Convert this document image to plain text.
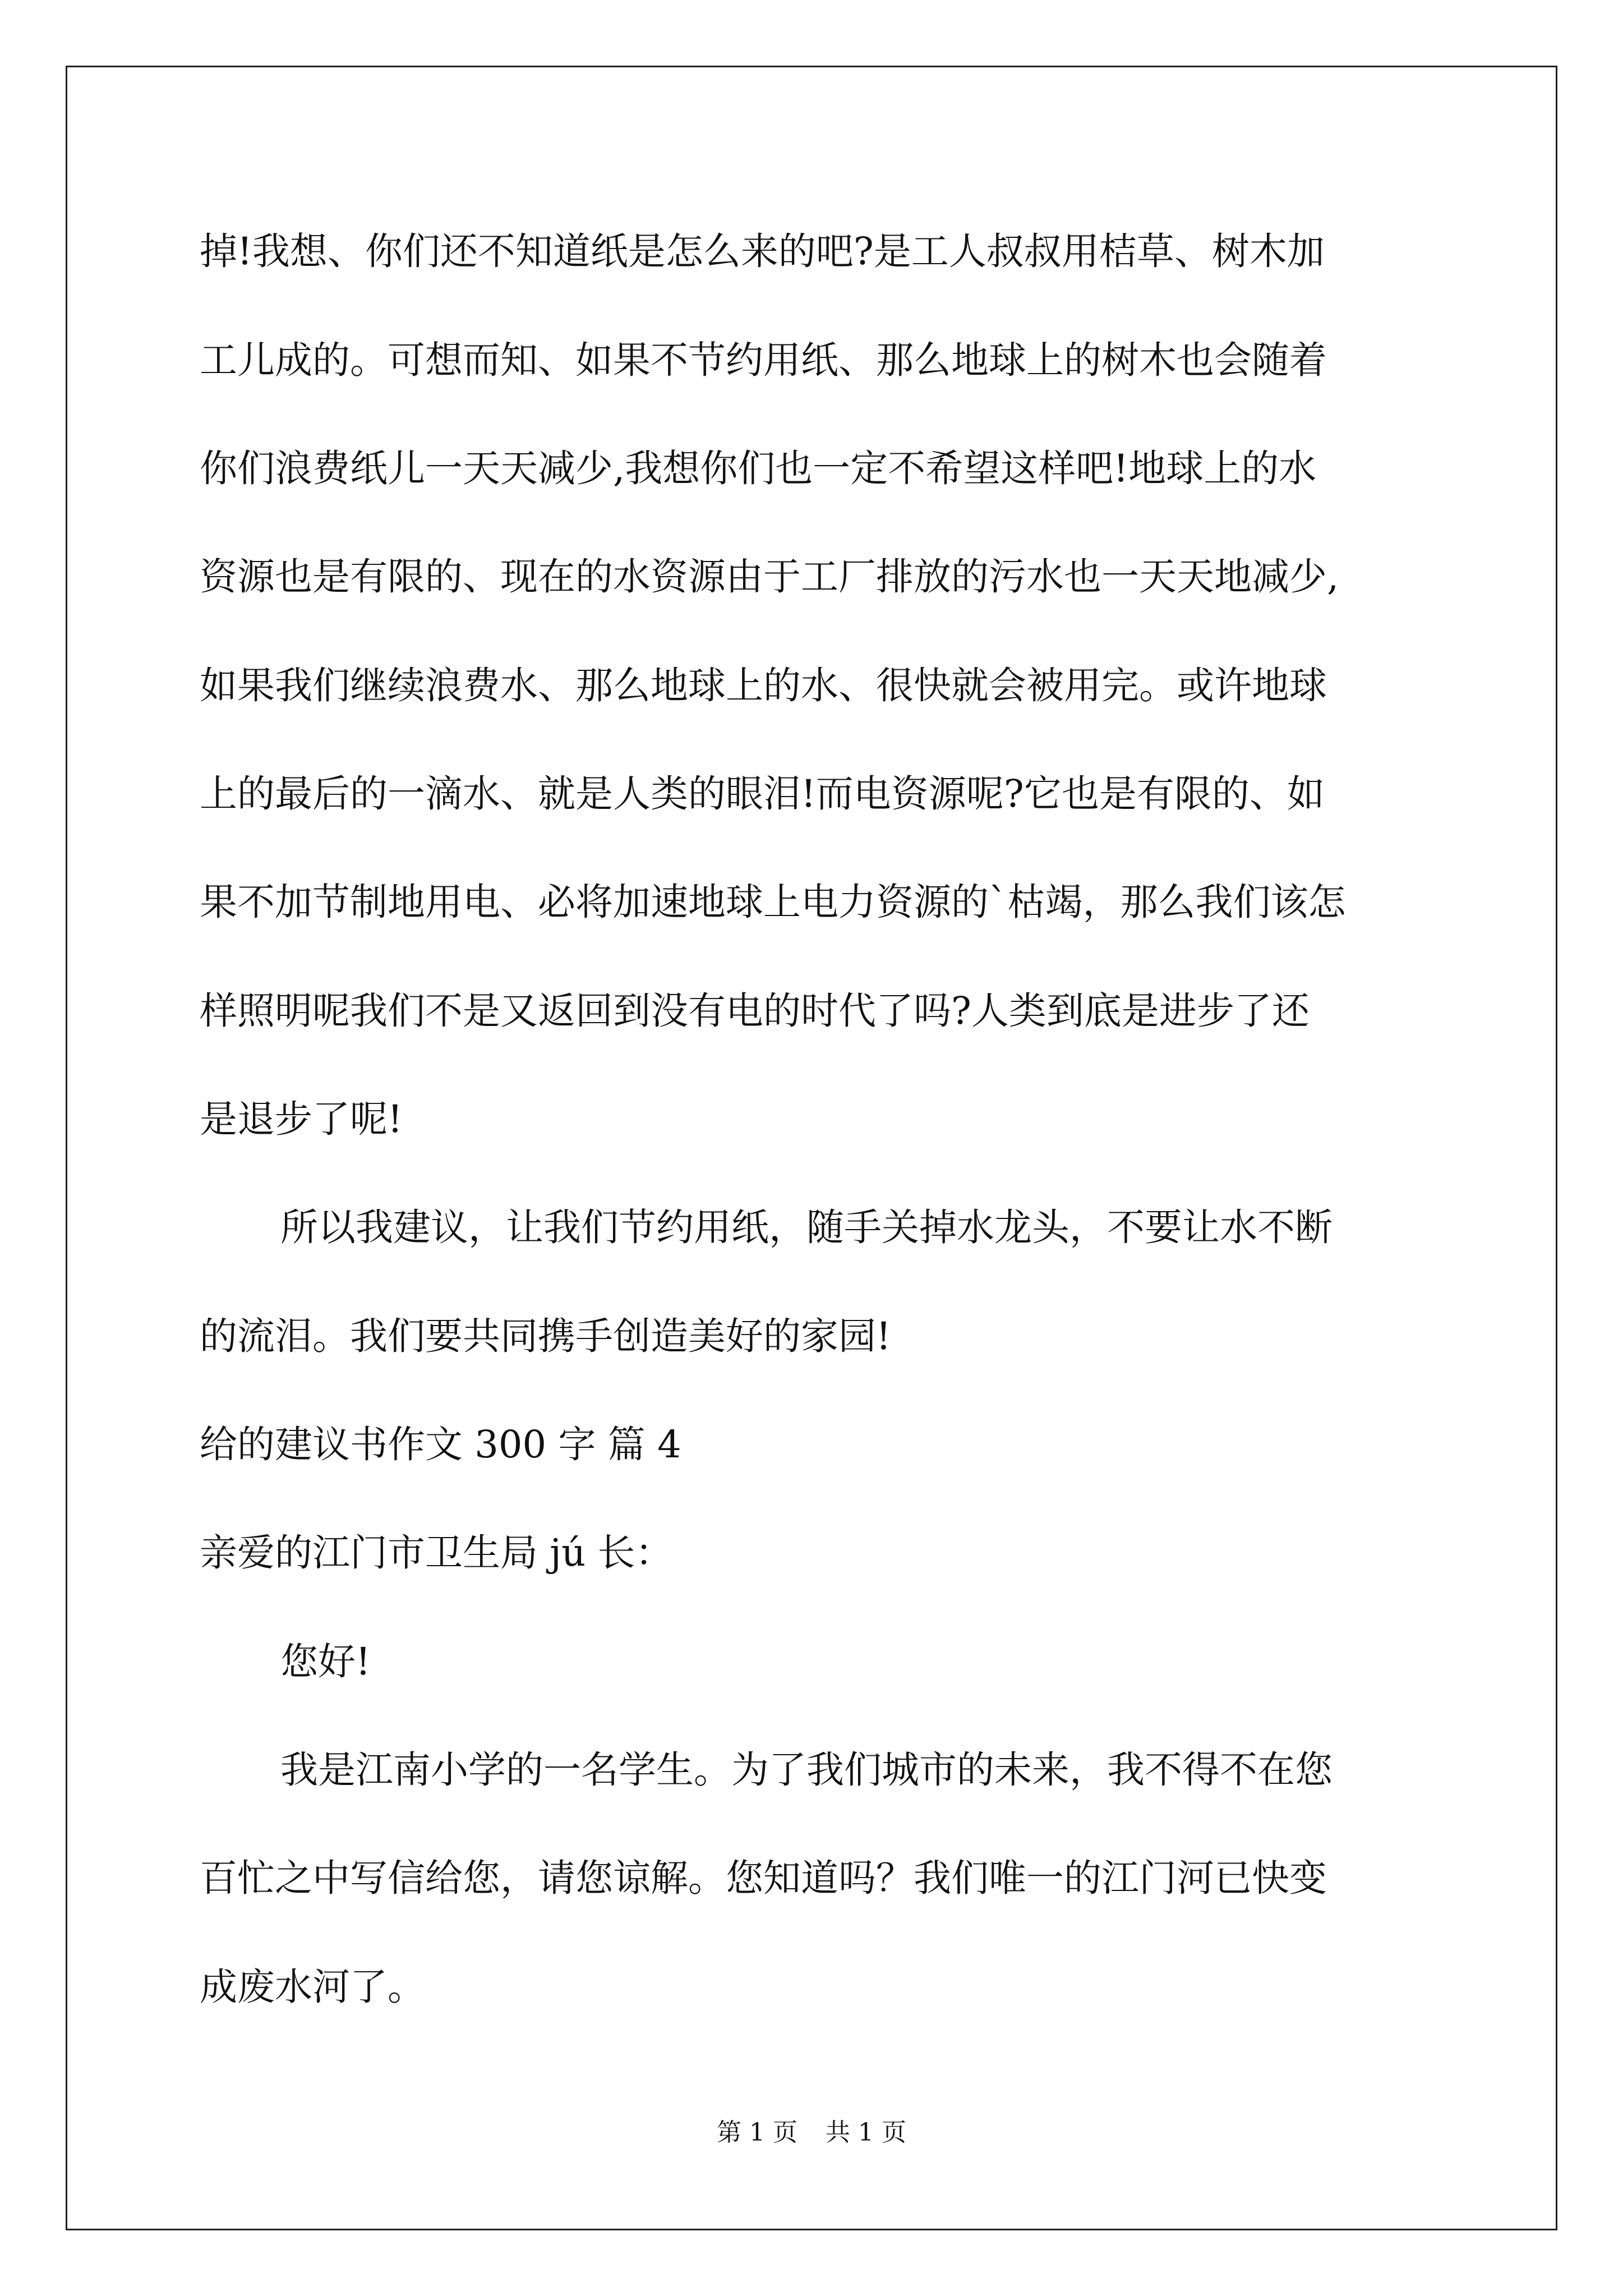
掉!我想、你们还不知道纸是怎么来的吧?是工人叔叔用桔草、树木加
工儿成的。可想而知、如果不节约用纸、那么地球上的树木也会随着
你们浪费纸儿一天天减少,我想你们也一定不希望这样吧!地球上的水
资源也是有限的、现在的水资源由于工厂排放的污水也一天天地减少,
如果我们继续浪费水、那么地球上的水、很快就会被用完。或许地球
上的最后的一滴水、就是人类的眼泪!而电资源呢?它也是有限的、如
果不加节制地用电、必将加速地球上电力资源的`枯竭，那么我们该怎
样照明呢我们不是又返回到没有电的时代了吗?人类到底是进步了还
是退步了呢!
所以我建议，让我们节约用纸，随手关掉水龙头，不要让水不断
的流泪。我们要共同携手创造美好的家园!
给的建议书作文 300 字 篇 4
亲爱的江门市卫生局 jú 长：
您好!
我是江南小学的一名学生。为了我们城市的未来，我不得不在您
百忙之中写信给您，请您谅解。您知道吗？我们唯一的江门河已快变
成废水河了。
第 1 页 共 1 页
